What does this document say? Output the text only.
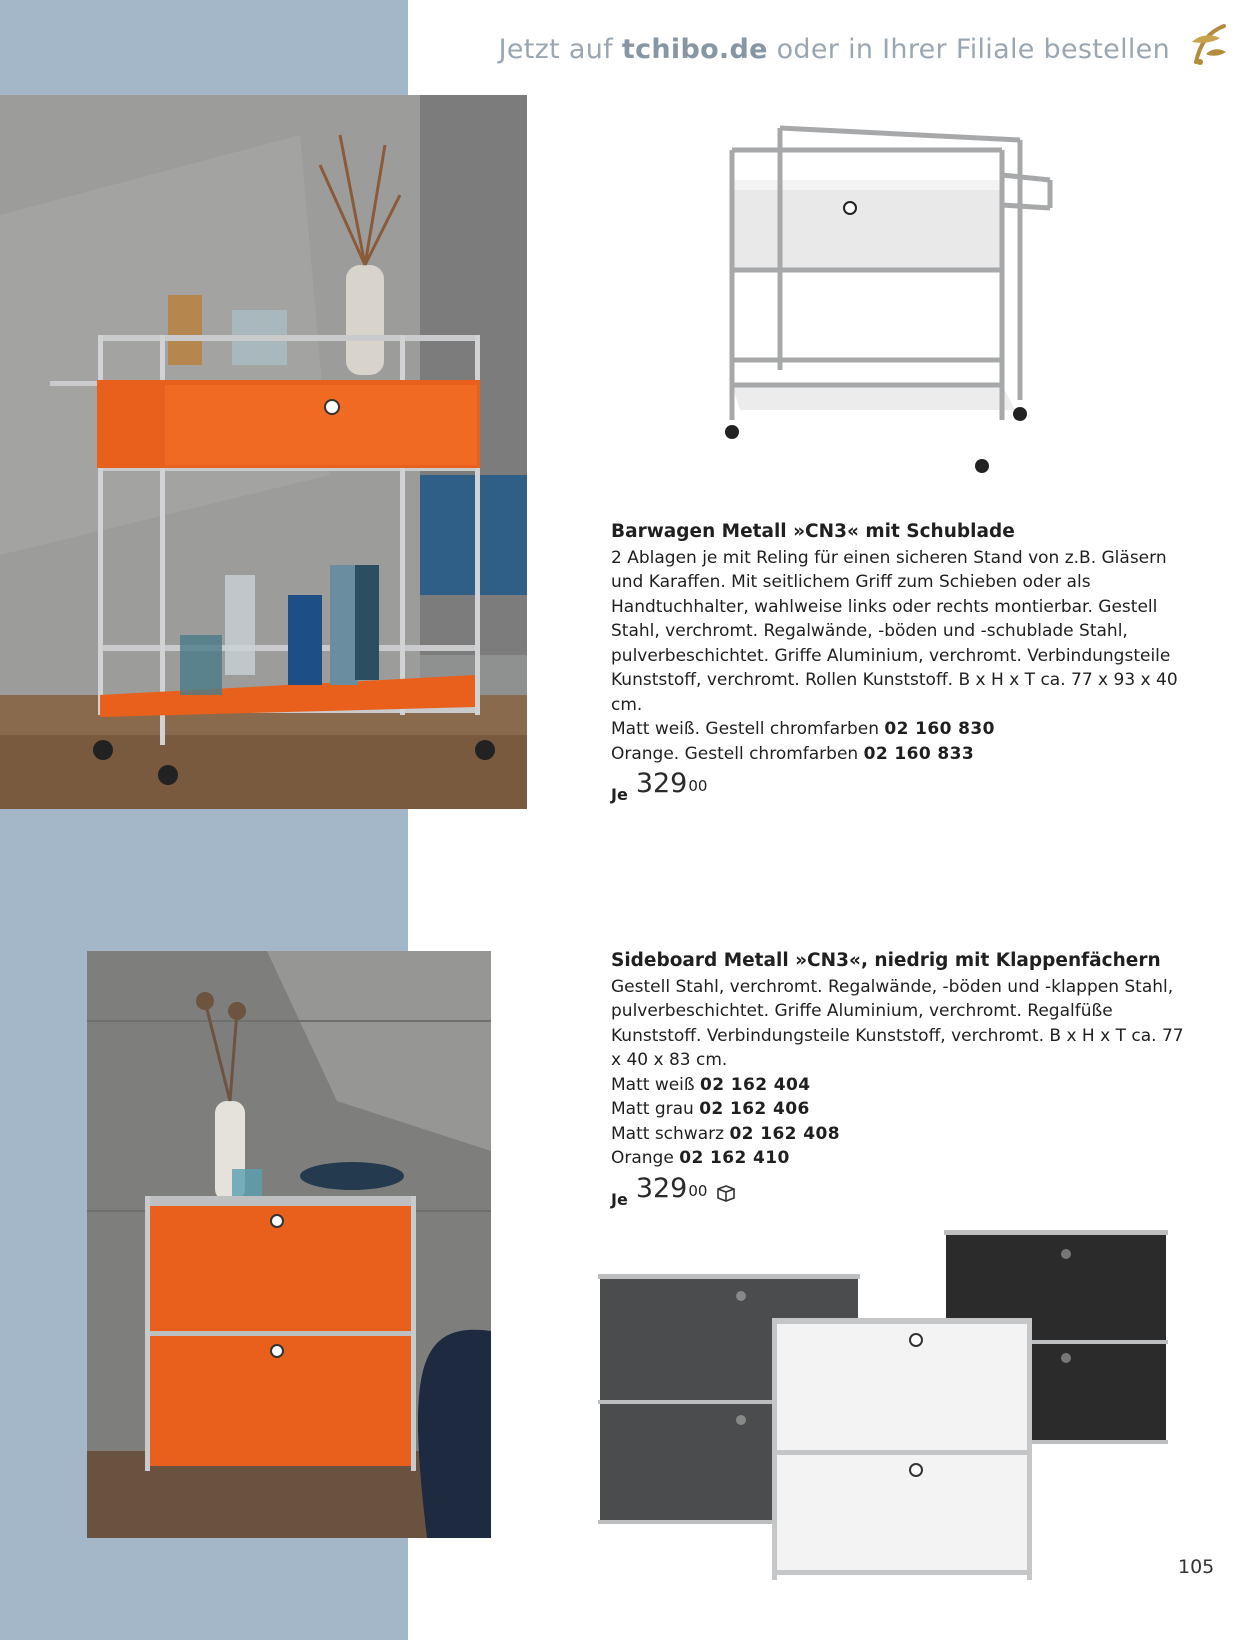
Jetzt auf tchibo.de oder in Ihrer Filiale bestellen
Barwagen Metall »CN3« mit Schublade

2 Ablagen je mit Reling für einen sicheren Stand von z.B. Gläsern und Karaffen. Mit seitlichem Griff zum Schieben oder als Handtuchhalter, wahlweise links oder rechts montierbar. Gestell Stahl, verchromt. Regalwände, -böden und -schublade Stahl, pulverbeschichtet. Griffe Aluminium, verchromt. Verbindungsteile Kunststoff, verchromt. Rollen Kunststoff. B x H x T ca. 77 x 93 x 40 cm.

Matt weiß. Gestell chromfarben 02 160 830
Orange. Gestell chromfarben 02 160 833
Je 329 00
Sideboard Metall »CN3«, niedrig mit Klappenfächern

Gestell Stahl, verchromt. Regalwände, -böden und -klappen Stahl, pulverbeschichtet. Griffe Aluminium, verchromt. Regalfüße Kunststoff. Verbindungsteile Kunststoff, verchromt. B x H x T ca. 77 x 40 x 83 cm.

Matt weiß 02 162 404
Matt grau 02 162 406
Matt schwarz 02 162 408
Orange 02 162 410
Je 329 00
105
